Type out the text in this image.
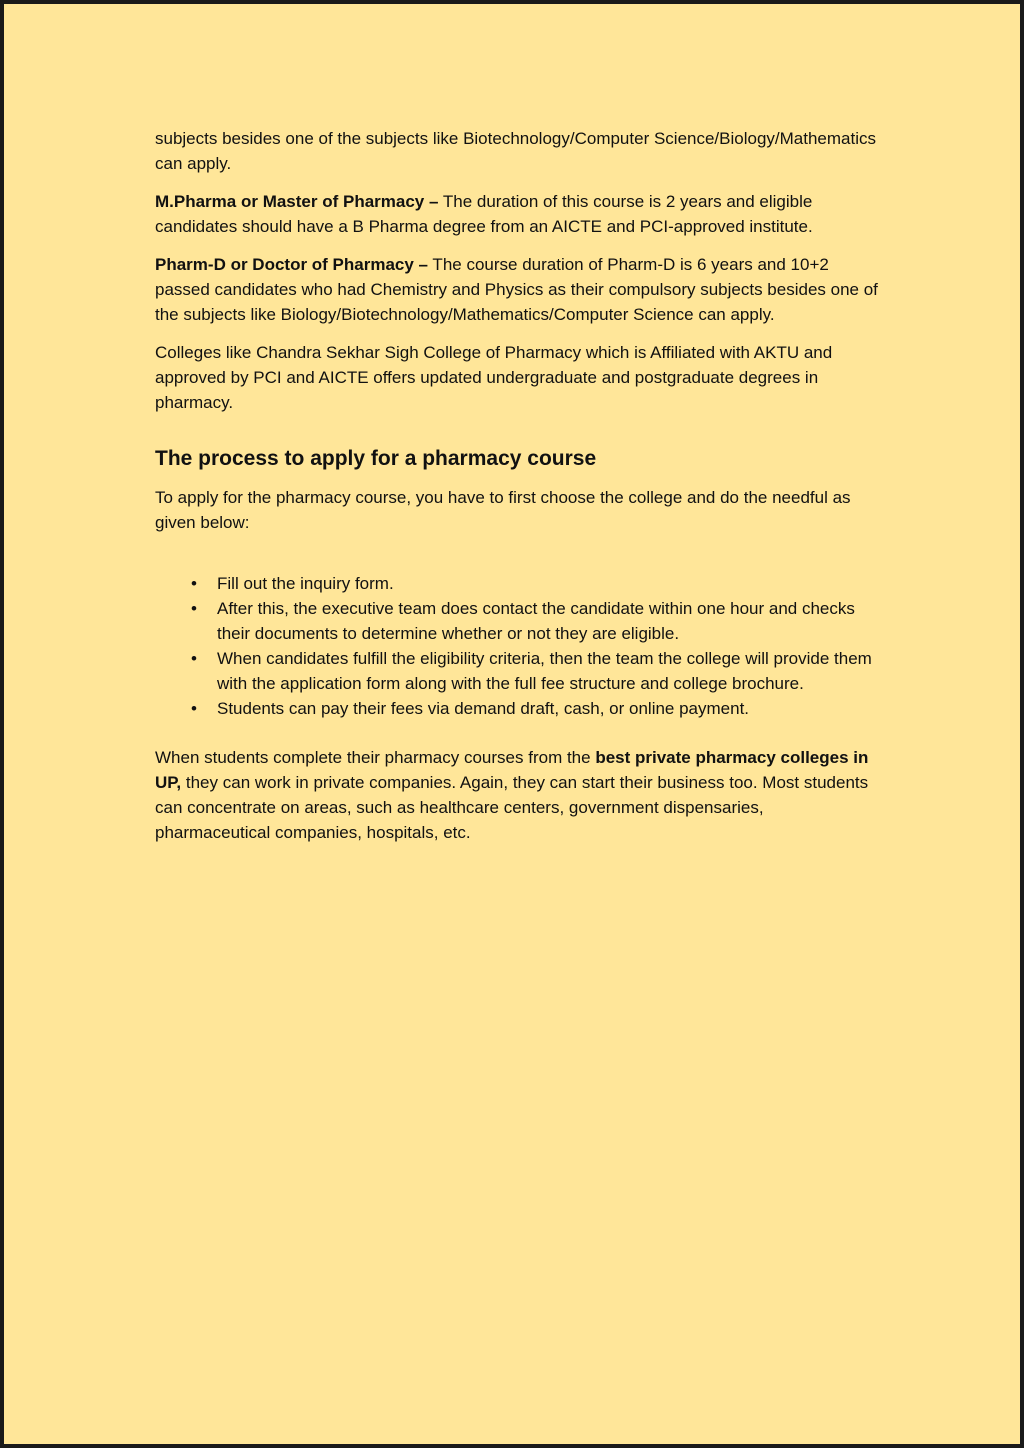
subjects besides one of the subjects like Biotechnology/Computer Science/Biology/Mathematics can apply.

M.Pharma or Master of Pharmacy – The duration of this course is 2 years and eligible candidates should have a B Pharma degree from an AICTE and PCI-approved institute.

Pharm-D or Doctor of Pharmacy – The course duration of Pharm-D is 6 years and 10+2 passed candidates who had Chemistry and Physics as their compulsory subjects besides one of the subjects like Biology/Biotechnology/Mathematics/Computer Science can apply.

Colleges like Chandra Sekhar Sigh College of Pharmacy which is Affiliated with AKTU and approved by PCI and AICTE offers updated undergraduate and postgraduate degrees in pharmacy.

The process to apply for a pharmacy course

To apply for the pharmacy course, you have to first choose the college and do the needful as given below:

• Fill out the inquiry form.
• After this, the executive team does contact the candidate within one hour and checks their documents to determine whether or not they are eligible.
• When candidates fulfill the eligibility criteria, then the team the college will provide them with the application form along with the full fee structure and college brochure.
• Students can pay their fees via demand draft, cash, or online payment.

When students complete their pharmacy courses from the best private pharmacy colleges in UP, they can work in private companies. Again, they can start their business too. Most students can concentrate on areas, such as healthcare centers, government dispensaries, pharmaceutical companies, hospitals, etc.
